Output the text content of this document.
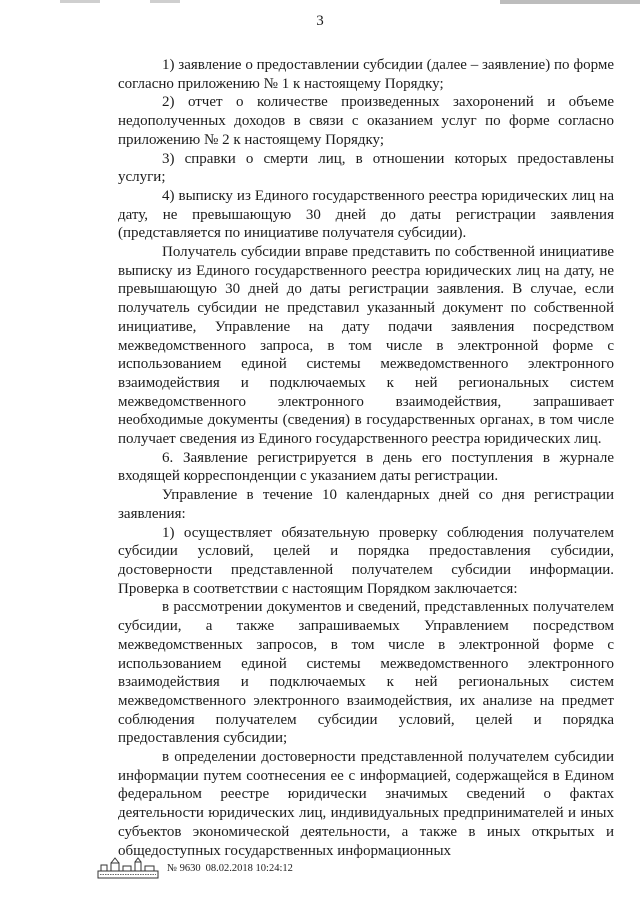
3

1) заявление о предоставлении субсидии (далее – заявление) по форме согласно приложению № 1 к настоящему Порядку;

2) отчет о количестве произведенных захоронений и объеме недополученных доходов в связи с оказанием услуг по форме согласно приложению № 2 к настоящему Порядку;

3) справки о смерти лиц, в отношении которых предоставлены услуги;

4) выписку из Единого государственного реестра юридических лиц на дату, не превышающую 30 дней до даты регистрации заявления (представляется по инициативе получателя субсидии).

Получатель субсидии вправе представить по собственной инициативе выписку из Единого государственного реестра юридических лиц на дату, не превышающую 30 дней до даты регистрации заявления. В случае, если получатель субсидии не представил указанный документ по собственной инициативе, Управление на дату подачи заявления посредством межведомственного запроса, в том числе в электронной форме с использованием единой системы межведомственного электронного взаимодействия и подключаемых к ней региональных систем межведомственного электронного взаимодействия, запрашивает необходимые документы (сведения) в государственных органах, в том числе получает сведения из Единого государственного реестра юридических лиц.

6. Заявление регистрируется в день его поступления в журнале входящей корреспонденции с указанием даты регистрации.

Управление в течение 10 календарных дней со дня регистрации заявления:

1) осуществляет обязательную проверку соблюдения получателем субсидии условий, целей и порядка предоставления субсидии, достоверности представленной получателем субсидии информации. Проверка в соответствии с настоящим Порядком заключается:

в рассмотрении документов и сведений, представленных получателем субсидии, а также запрашиваемых Управлением посредством межведомственных запросов, в том числе в электронной форме с использованием единой системы межведомственного электронного взаимодействия и подключаемых к ней региональных систем межведомственного электронного взаимодействия, их анализе на предмет соблюдения получателем субсидии условий, целей и порядка предоставления субсидии;

в определении достоверности представленной получателем субсидии информации путем соотнесения ее с информацией, содержащейся в Едином федеральном реестре юридически значимых сведений о фактах деятельности юридических лиц, индивидуальных предпринимателей и иных субъектов экономической деятельности, а также в иных открытых и общедоступных государственных информационных

№ 9630 08.02.2018 10:24:12
